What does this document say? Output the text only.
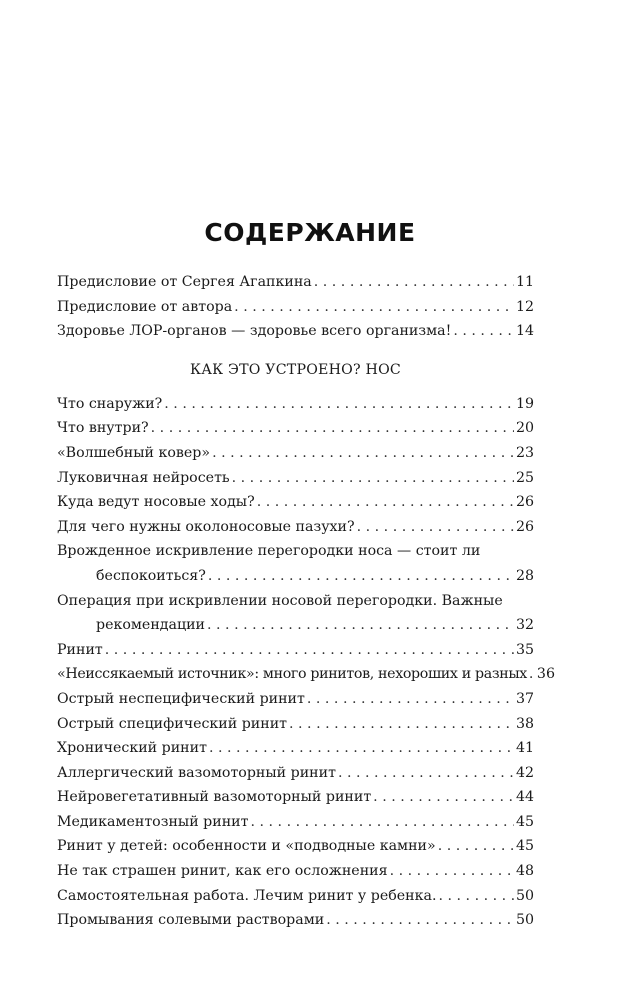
СОДЕРЖАНИЕ
Предисловие от Сергея Агапкина . . .	11
Предисловие от автора . . .	12
Здоровье ЛОР-органов — здоровье всего организма! . . .	14
КАК ЭТО УСТРОЕНО? НОС
Что снаружи? . . .	19
Что внутри? . . .	20
«Волшебный ковер» . . .	23
Луковичная нейросеть . . .	25
Куда ведут носовые ходы? . . .	26
Для чего нужны околоносовые пазухи? . . .	26
Врожденное искривление перегородки носа — стоит ли
беспокоиться? . . .	28
Операция при искривлении носовой перегородки. Важные
рекомендации . . .	32
Ринит . . .	35
«Неиссякаемый источник»: много ринитов, нехороших и разных . . . 36
Острый неспецифический ринит . . .	37
Острый специфический ринит . . .	38
Хронический ринит . . .	41
Аллергический вазомоторный ринит . . .	42
Нейровегетативный вазомоторный ринит . . .	44
Медикаментозный ринит . . .	45
Ринит у детей: особенности и «подводные камни» . . .	45
Не так страшен ринит, как его осложнения . . .	48
Самостоятельная работа. Лечим ринит у ребенка. . . .	50
Промывания солевыми растворами . . .	50
